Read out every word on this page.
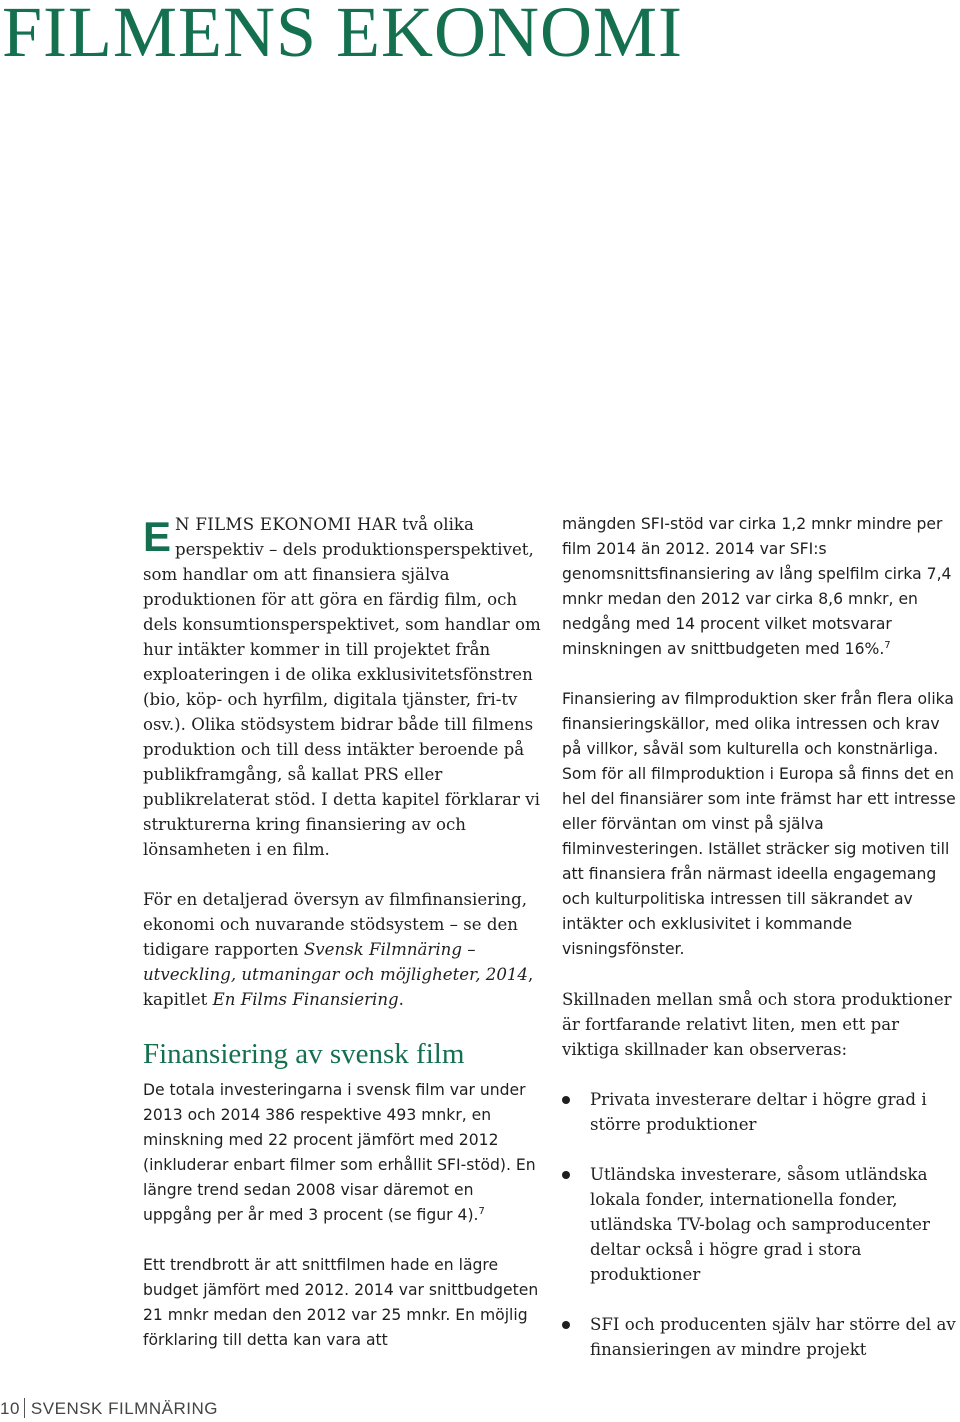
FILMENS EKONOMI

E N FILMS EKONOMI HAR två olika perspektiv – dels produktionsperspektivet, som handlar om att finansiera själva produktionen för att göra en färdig film, och dels konsumtionsperspektivet, som handlar om hur intäkter kommer in till projektet från exploateringen i de olika exklusivitetsfönstren (bio, köp- och hyrfilm, digitala tjänster, fri-tv osv.). Olika stödsystem bidrar både till filmens produktion och till dess intäkter beroende på publikframgång, så kallat PRS eller publikrelaterat stöd. I detta kapitel förklarar vi strukturerna kring finansiering av och lönsamheten i en film.

För en detaljerad översyn av filmfinansiering, ekonomi och nuvarande stödsystem – se den tidigare rapporten Svensk Filmnäring – utveckling, utmaningar och möjligheter, 2014, kapitlet En Films Finansiering.

Finansiering av svensk film

De totala investeringarna i svensk film var under 2013 och 2014 386 respektive 493 mnkr, en minskning med 22 procent jämfört med 2012 (inkluderar enbart filmer som erhållit SFI-stöd). En längre trend sedan 2008 visar däremot en uppgång per år med 3 procent (se figur 4).$^7$

Ett trendbrott är att snittfilmen hade en lägre budget jämfört med 2012. 2014 var snittbudgeten 21 mnkr medan den 2012 var 25 mnkr. En möjlig förklaring till detta kan vara att

mängden SFI-stöd var cirka 1,2 mnkr mindre per film 2014 än 2012. 2014 var SFI:s genomsnittsfinansiering av lång spelfilm cirka 7,4 mnkr medan den 2012 var cirka 8,6 mnkr, en nedgång med 14 procent vilket motsvarar minskningen av snittbudgeten med 16%.$^7$

Finansiering av filmproduktion sker från flera olika finansieringskällor, med olika intressen och krav på villkor, såväl som kulturella och konstnärliga. Som för all filmproduktion i Europa så finns det en hel del finansiärer som inte främst har ett intresse eller förväntan om vinst på själva filminvesteringen. Istället sträcker sig motiven till att finansiera från närmast ideella engagemang och kulturpolitiska intressen till säkrandet av intäkter och exklusivitet i kommande visningsfönster.

Skillnaden mellan små och stora produktioner är fortfarande relativt liten, men ett par viktiga skillnader kan observeras:

Privata investerare deltar i högre grad i större produktioner
Utländska investerare, såsom utländska lokala fonder, internationella fonder, utländska TV-bolag och samproducenter deltar också i högre grad i stora produktioner
SFI och producenten själv har större del av finansieringen av mindre projekt
10 SVENSK FILMNÄRING
